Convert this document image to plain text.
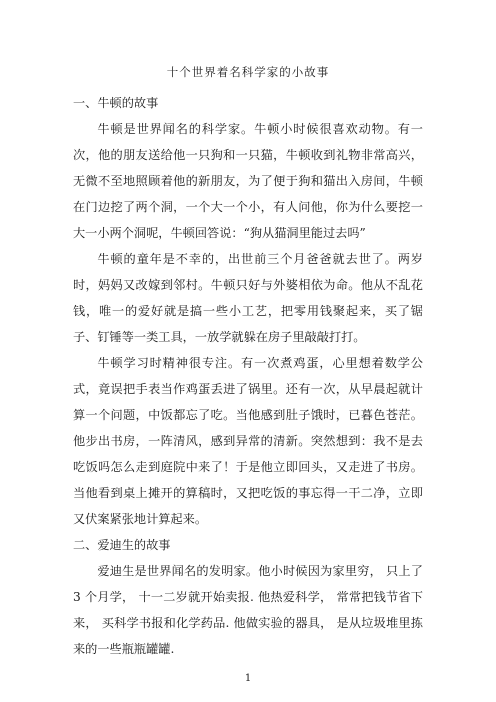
十个世界着名科学家的小故事

一、牛顿的故事

牛顿是世界闻名的科学家。牛顿小时候很喜欢动物。有一次，他的朋友送给他一只狗和一只猫，牛顿收到礼物非常高兴，无微不至地照顾着他的新朋友，为了便于狗和猫出入房间，牛顿在门边挖了两个洞，一个大一个小，有人问他，你为什么要挖一大一小两个洞呢，牛顿回答说：“狗从猫洞里能过去吗”

牛顿的童年是不幸的，出世前三个月爸爸就去世了。两岁时，妈妈又改嫁到邻村。牛顿只好与外婆相依为命。他从不乱花钱，唯一的爱好就是搞一些小工艺，把零用钱聚起来，买了锯子、钉锤等一类工具，一放学就躲在房子里敲敲打打。

牛顿学习时精神很专注。有一次煮鸡蛋，心里想着数学公式，竟误把手表当作鸡蛋丢进了锅里。还有一次，从早晨起就计算一个问题，中饭都忘了吃。当他感到肚子饿时，已暮色苍茫。他步出书房，一阵清风，感到异常的清新。突然想到：我不是去吃饭吗怎么走到庭院中来了！于是他立即回头，又走进了书房。当他看到桌上摊开的算稿时，又把吃饭的事忘得一干二净，立即又伏案紧张地计算起来。

二、爱迪生的故事

爱迪生是世界闻名的发明家。他小时候因为家里穷， 只上了 3 个月学， 十一二岁就开始卖报. 他热爱科学， 常常把钱节省下来， 买科学书报和化学药品. 他做实验的器具， 是从垃圾堆里拣来的一些瓶瓶罐罐.

1
